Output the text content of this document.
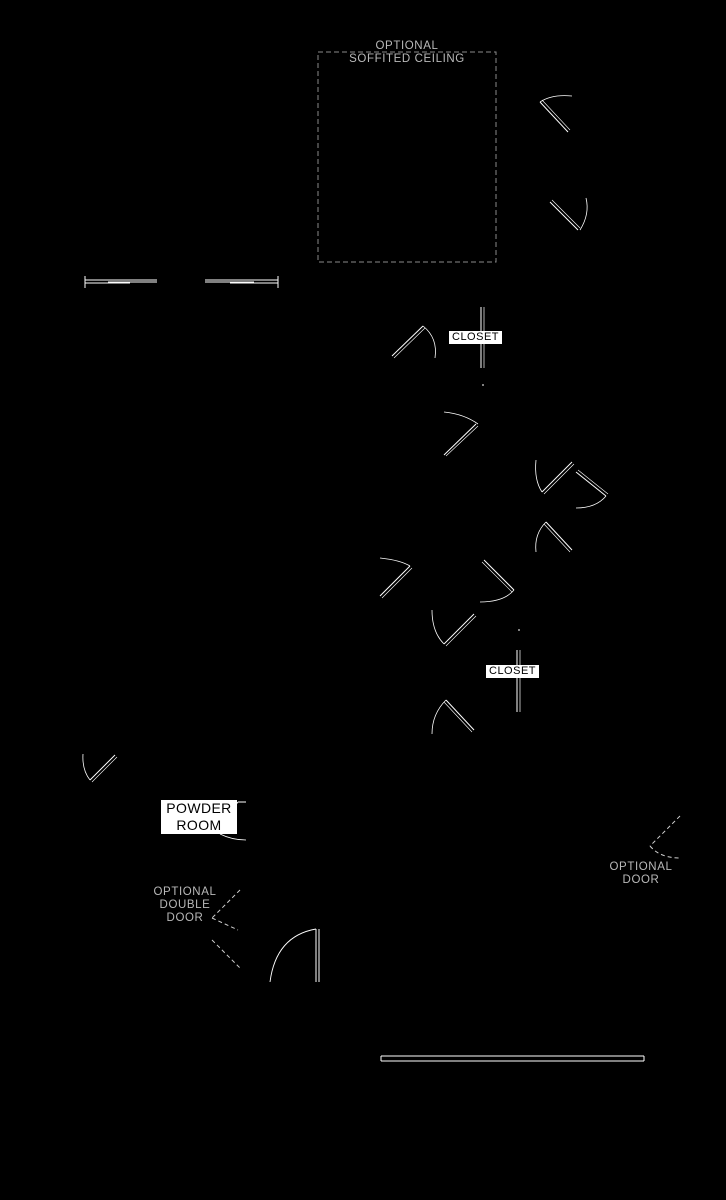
OPTIONAL
SOFFITED CEILING
CLOSET
CLOSET
POWDER
ROOM
OPTIONAL
DOUBLE
DOOR
OPTIONAL
DOOR
